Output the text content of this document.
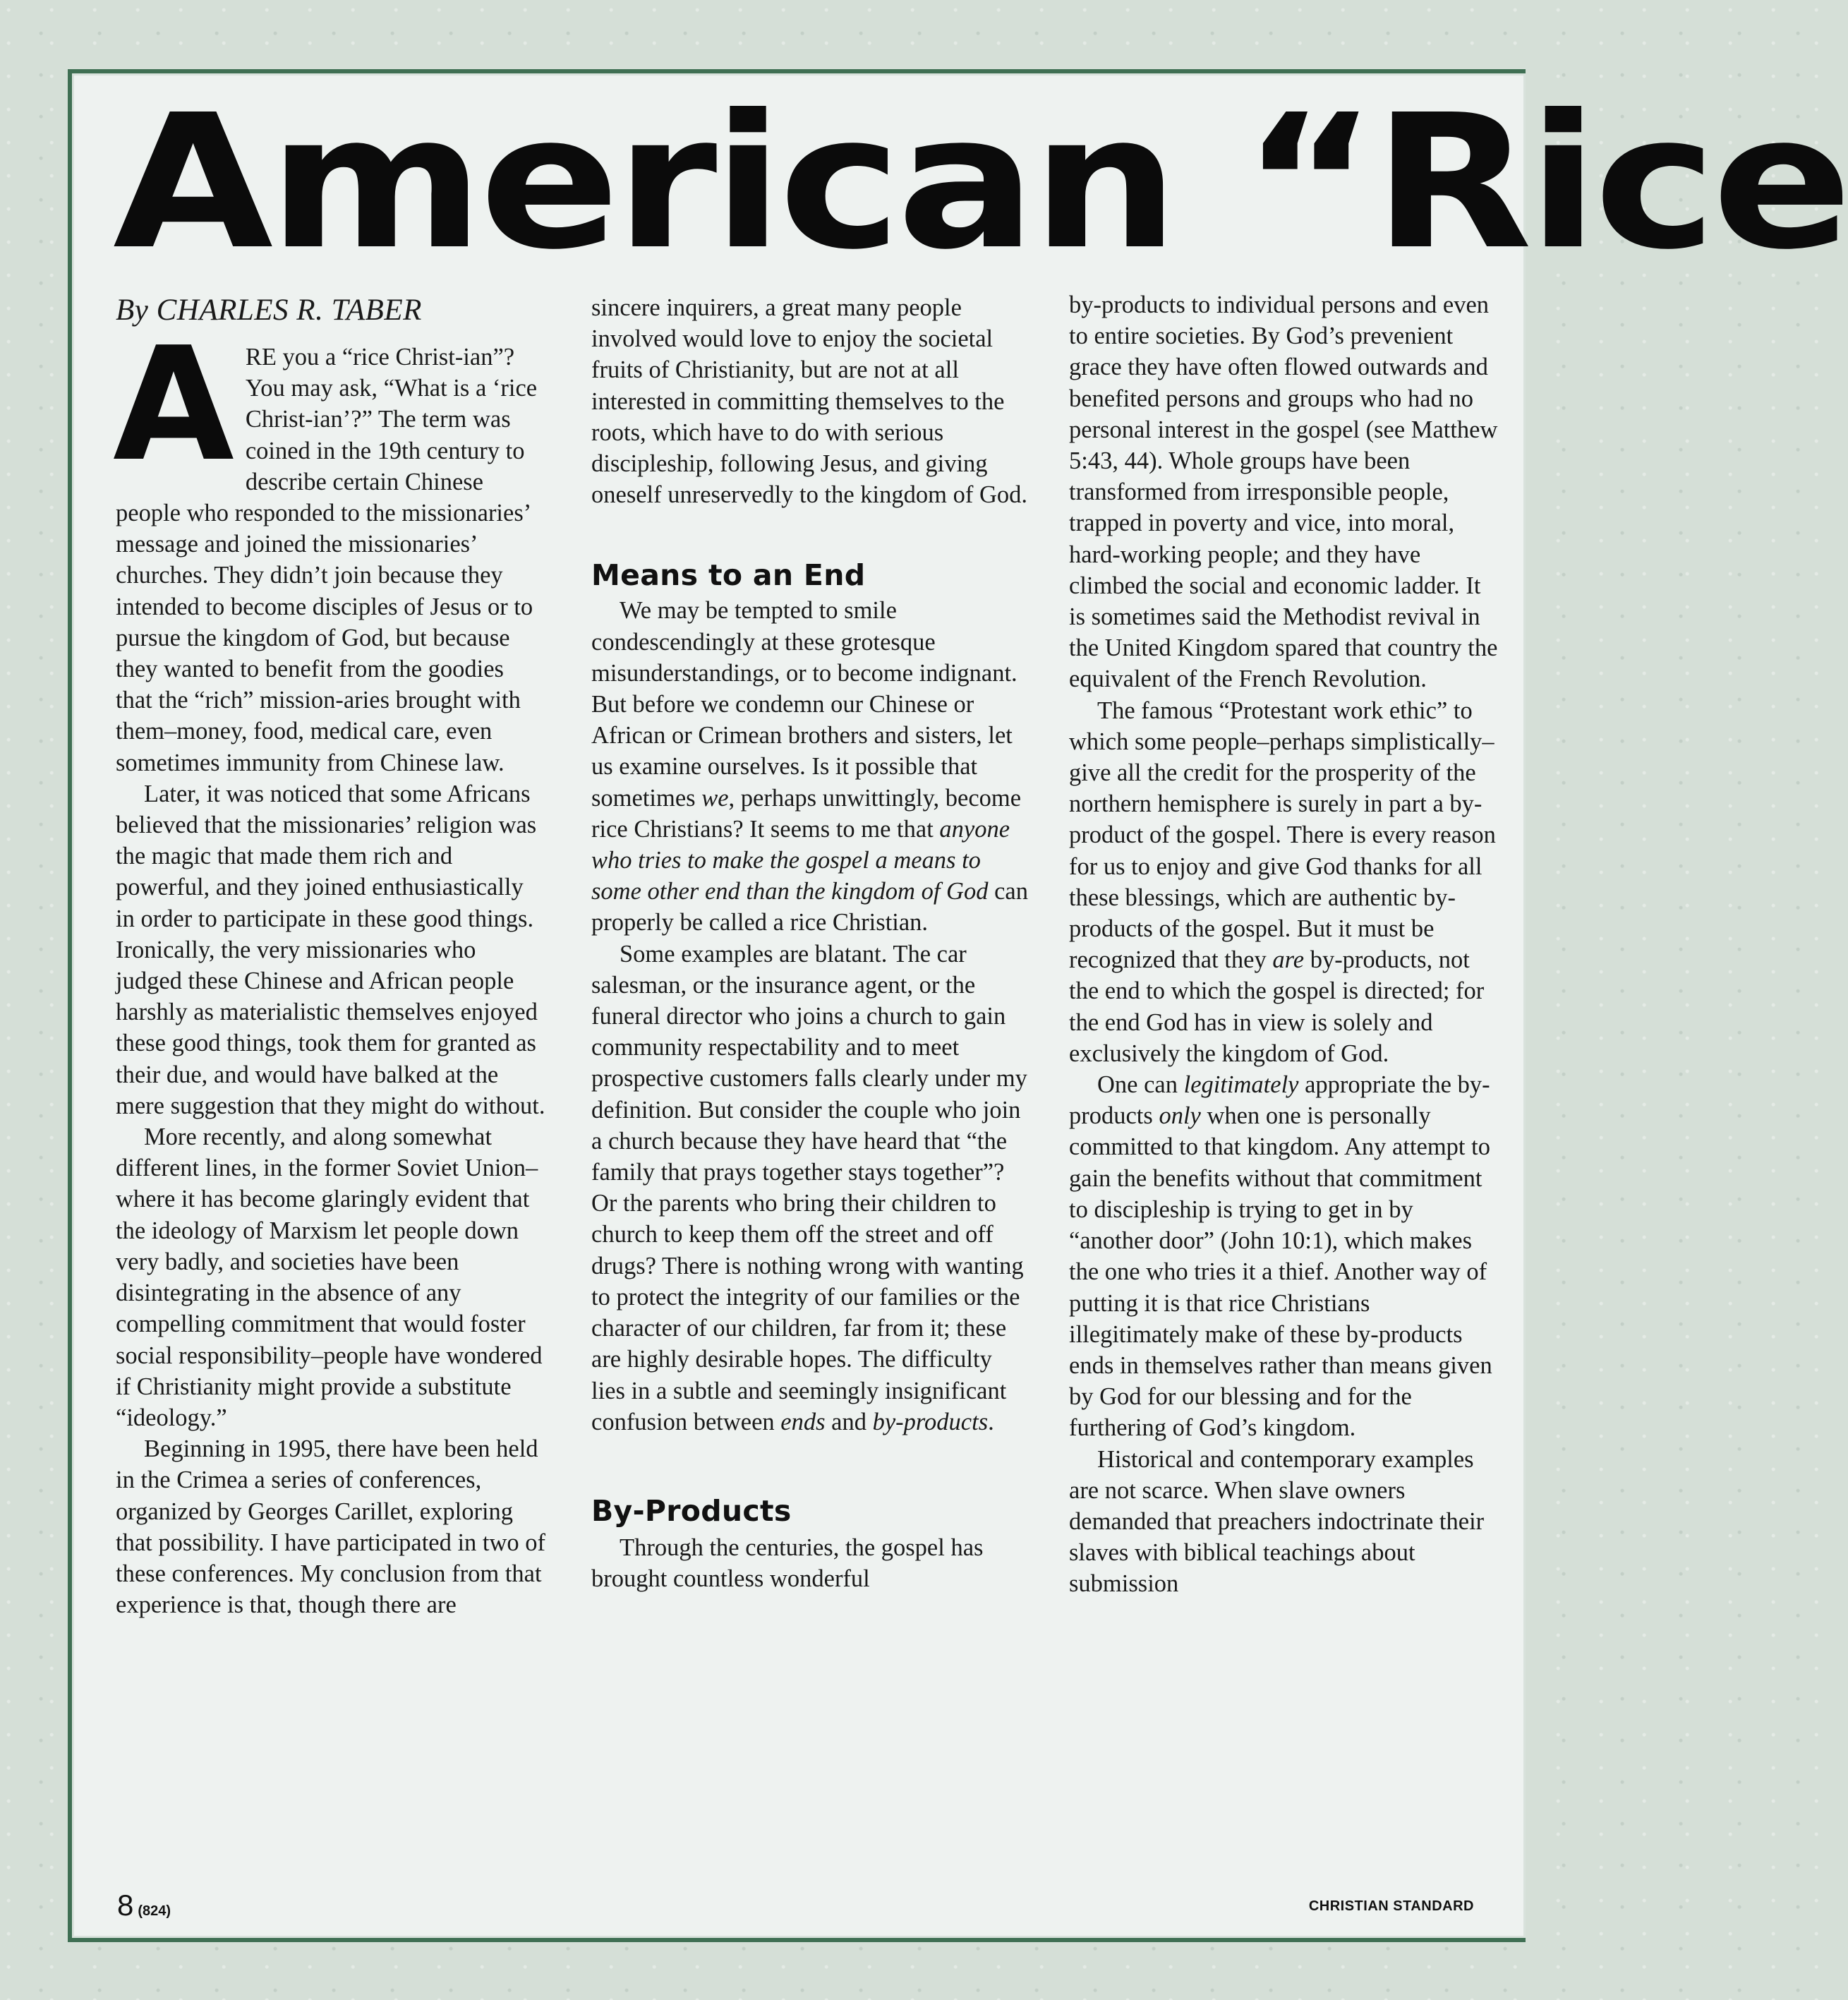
American “Rice
By CHARLES R. TABER

ARE you a “rice Christ-ian”? You may ask, “What is a ‘rice Christ-ian’?” The term was coined in the 19th century to describe certain Chinese people who responded to the missionaries’ message and joined the missionaries’ churches. They didn’t join because they intended to become disciples of Jesus or to pursue the kingdom of God, but because they wanted to benefit from the goodies that the “rich” mission-aries brought with them–money, food, medical care, even sometimes immunity from Chinese law.

Later, it was noticed that some Africans believed that the missionaries’ religion was the magic that made them rich and powerful, and they joined enthusiastically in order to participate in these good things. Ironically, the very missionaries who judged these Chinese and African people harshly as materialistic themselves enjoyed these good things, took them for granted as their due, and would have balked at the mere suggestion that they might do without.

More recently, and along somewhat different lines, in the former Soviet Union–where it has become glaringly evident that the ideology of Marxism let people down very badly, and societies have been disintegrating in the absence of any compelling commitment that would foster social responsibility–people have wondered if Christianity might provide a substitute “ideology.”

Beginning in 1995, there have been held in the Crimea a series of conferences, organized by Georges Carillet, exploring that possibility. I have participated in two of these conferences. My conclusion from that experience is that, though there are

sincere inquirers, a great many people involved would love to enjoy the societal fruits of Christianity, but are not at all interested in committing themselves to the roots, which have to do with serious discipleship, following Jesus, and giving oneself unreservedly to the kingdom of God.

Means to an End

We may be tempted to smile condescendingly at these grotesque misunderstandings, or to become indignant. But before we condemn our Chinese or African or Crimean brothers and sisters, let us examine ourselves. Is it possible that sometimes we, perhaps unwittingly, become rice Christians? It seems to me that anyone who tries to make the gospel a means to some other end than the kingdom of God can properly be called a rice Christian.

Some examples are blatant. The car salesman, or the insurance agent, or the funeral director who joins a church to gain community respectability and to meet prospective customers falls clearly under my definition. But consider the couple who join a church because they have heard that “the family that prays together stays together”? Or the parents who bring their children to church to keep them off the street and off drugs? There is nothing wrong with wanting to protect the integrity of our families or the character of our children, far from it; these are highly desirable hopes. The difficulty lies in a subtle and seemingly insignificant confusion between ends and by-products.

By-Products

Through the centuries, the gospel has brought countless wonderful

by-products to individual persons and even to entire societies. By God’s prevenient grace they have often flowed outwards and benefited persons and groups who had no personal interest in the gospel (see Matthew 5:43, 44). Whole groups have been transformed from irresponsible people, trapped in poverty and vice, into moral, hard-working people; and they have climbed the social and economic ladder. It is sometimes said the Methodist revival in the United Kingdom spared that country the equivalent of the French Revolution.

The famous “Protestant work ethic” to which some people–perhaps simplistically–give all the credit for the prosperity of the northern hemisphere is surely in part a by-product of the gospel. There is every reason for us to enjoy and give God thanks for all these blessings, which are authentic by-products of the gospel. But it must be recognized that they are by-products, not the end to which the gospel is directed; for the end God has in view is solely and exclusively the kingdom of God.

One can legitimately appropriate the by-products only when one is personally committed to that kingdom. Any attempt to gain the benefits without that commitment to discipleship is trying to get in by “another door” (John 10:1), which makes the one who tries it a thief. Another way of putting it is that rice Christians illegitimately make of these by-products ends in themselves rather than means given by God for our blessing and for the furthering of God’s kingdom.

Historical and contemporary examples are not scarce. When slave owners demanded that preachers indoctrinate their slaves with biblical teachings about submission

8 (824)	CHRISTIAN STANDARD
